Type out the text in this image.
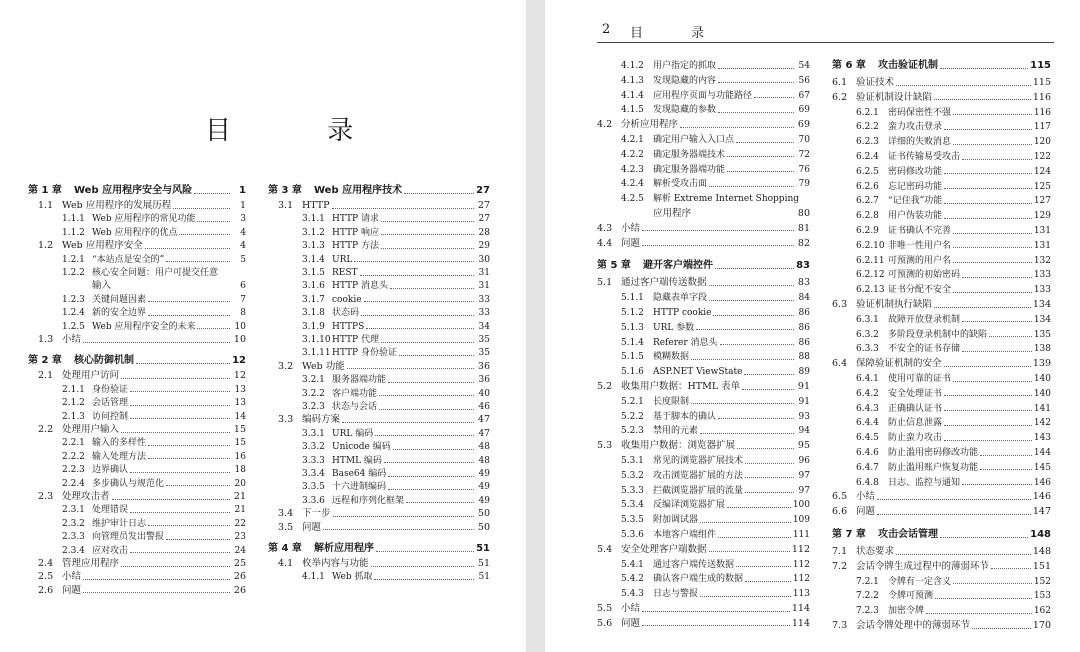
目 录
第 1 章	Web 应用程序安全与风险	1
1.1 Web 应用程序的发展历程	1
1.1.1 Web 应用程序的常见功能	3
1.1.2 Web 应用程序的优点	4
1.2 Web 应用程序安全	4
1.2.1 “本站点是安全的”	5
1.2.2 核心安全问题：用户可提交任意
输入	6
1.2.3 关键问题因素	7
1.2.4 新的安全边界	8
1.2.5 Web 应用程序安全的未来	10
1.3 小结	10
第 2 章	核心防御机制	12
2.1 处理用户访问	12
2.1.1 身份验证	13
2.1.2 会话管理	13
2.1.3 访问控制	14
2.2 处理用户输入	15
2.2.1 输入的多样性	15
2.2.2 输入处理方法	16
2.2.3 边界确认	18
2.2.4 多步确认与规范化	20
2.3 处理攻击者	21
2.3.1 处理错误	21
2.3.2 维护审计日志	22
2.3.3 向管理员发出警报	23
2.3.4 应对攻击	24
2.4 管理应用程序	25
2.5 小结	26
2.6 问题	26
第 3 章	Web 应用程序技术	27
3.1 HTTP	27
3.1.1 HTTP 请求	27
3.1.2 HTTP 响应	28
3.1.3 HTTP 方法	29
3.1.4 URL	30
3.1.5 REST	31
3.1.6 HTTP 消息头	31
3.1.7 cookie	33
3.1.8 状态码	33
3.1.9 HTTPS	34
3.1.10 HTTP 代理	35
3.1.11 HTTP 身份验证	35
3.2 Web 功能	36
3.2.1 服务器端功能	36
3.2.2 客户端功能	40
3.2.3 状态与会话	46
3.3 编码方案	47
3.3.1 URL 编码	47
3.3.2 Unicode 编码	48
3.3.3 HTML 编码	48
3.3.4 Base64 编码	49
3.3.5 十六进制编码	49
3.3.6 远程和序列化框架	49
3.4 下一步	50
3.5 问题	50
第 4 章	解析应用程序	51
4.1 枚举内容与功能	51
4.1.1 Web 抓取	51
2 目 录
4.1.2	用户指定的抓取	54
4.1.3	发现隐藏的内容	56
4.1.4	应用程序页面与功能路径	67
4.1.5	发现隐藏的参数	69
4.2 分析应用程序	69
4.2.1	确定用户输入入口点	70
4.2.2	确定服务器端技术	72
4.2.3	确定服务器端功能	76
4.2.4	解析受攻击面	79
4.2.5	解析 Extreme Internet Shopping
应用程序	80
4.3 小结	81
4.4 问题	82
第 5 章	避开客户端控件	83
5.1 通过客户端传送数据	83
5.1.1	隐藏表单字段	84
5.1.2	HTTP cookie	86
5.1.3	URL 参数	86
5.1.4	Referer 消息头	86
5.1.5	模糊数据	88
5.1.6	ASP.NET ViewState	89
5.2 收集用户数据：HTML 表单	91
5.2.1	长度限制	91
5.2.2	基于脚本的确认	93
5.2.3	禁用的元素	94
5.3 收集用户数据：浏览器扩展	95
5.3.1	常见的浏览器扩展技术	96
5.3.2	攻击浏览器扩展的方法	97
5.3.3	拦截浏览器扩展的流量	97
5.3.4	反编译浏览器扩展	100
5.3.5	附加调试器	109
5.3.6	本地客户端组件	111
5.4 安全处理客户端数据	112
5.4.1	通过客户端传送数据	112
5.4.2	确认客户端生成的数据	112
5.4.3	日志与警报	113
5.5 小结	114
5.6 问题	114
第 6 章	攻击验证机制	115
6.1 验证技术	115
6.2 验证机制设计缺陷	116
6.2.1	密码保密性不强	116
6.2.2	蛮力攻击登录	117
6.2.3	详细的失败消息	120
6.2.4	证书传输易受攻击	122
6.2.5	密码修改功能	124
6.2.6	忘记密码功能	125
6.2.7	“记住我”功能	127
6.2.8	用户伪装功能	129
6.2.9	证书确认不完善	131
6.2.10 非唯一性用户名	131
6.2.11 可预测的用户名	132
6.2.12 可预测的初始密码	133
6.2.13 证书分配不安全	133
6.3 验证机制执行缺陷	134
6.3.1	故障开放登录机制	134
6.3.2	多阶段登录机制中的缺陷	135
6.3.3	不安全的证书存储	138
6.4 保障验证机制的安全	139
6.4.1	使用可靠的证书	140
6.4.2	安全处理证书	140
6.4.3	正确确认证书	141
6.4.4	防止信息泄露	142
6.4.5	防止蛮力攻击	143
6.4.6	防止滥用密码修改功能	144
6.4.7	防止滥用账户恢复功能	145
6.4.8	日志、监控与通知	146
6.5 小结	146
6.6 问题	147
第 7 章	攻击会话管理	148
7.1 状态要求	148
7.2 会话令牌生成过程中的薄弱环节	151
7.2.1	令牌有一定含义	152
7.2.2	令牌可预测	153
7.2.3	加密令牌	162
7.3 会话令牌处理中的薄弱环节	170
